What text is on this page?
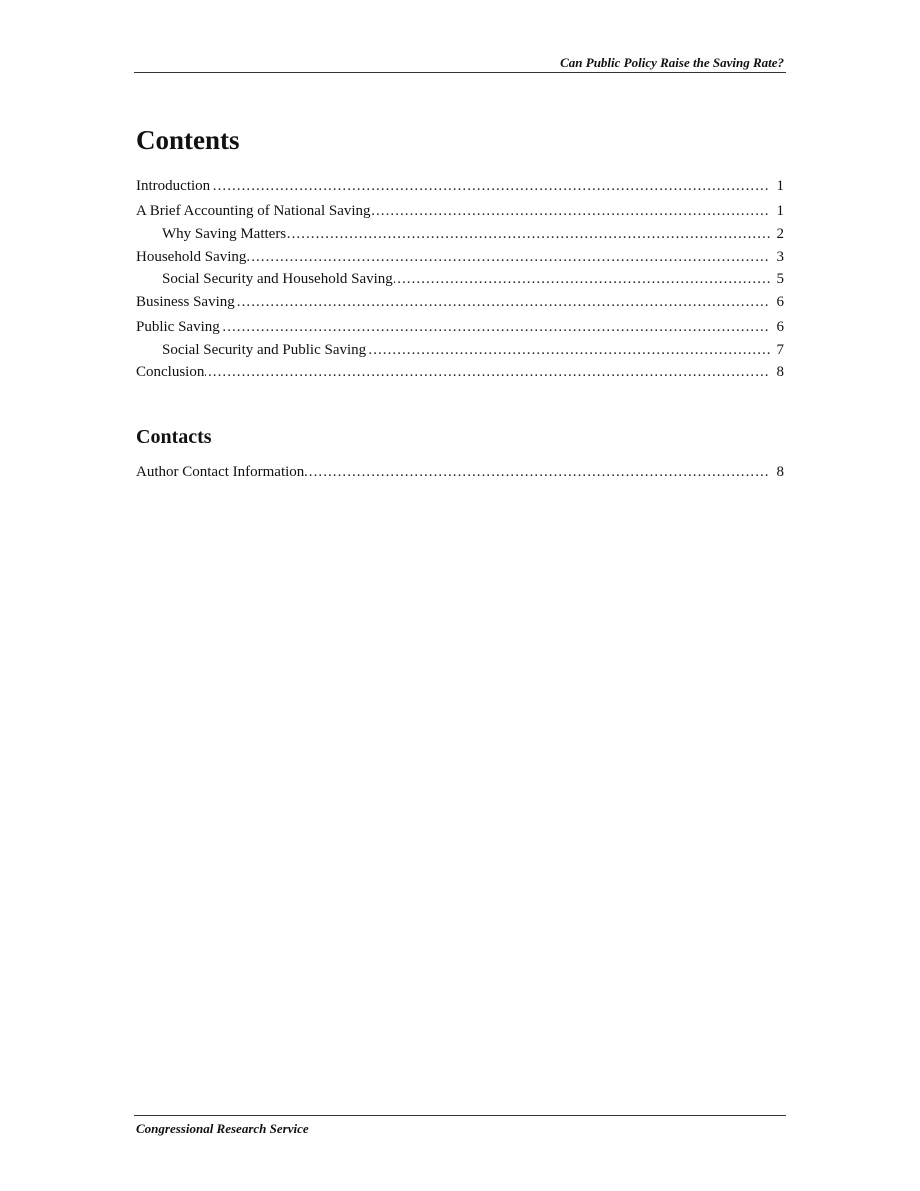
Can Public Policy Raise the Saving Rate?
Contents
. . . Introduction	1
. . . A Brief Accounting of National Saving	1
. . . Why Saving Matters	2
. . . Household Saving	3
. . . Social Security and Household Saving	5
. . . Business Saving	6
. . . Public Saving	6
. . . Social Security and Public Saving	7
. . . Conclusion	8
Contacts
. . . Author Contact Information	8
Congressional Research Service
